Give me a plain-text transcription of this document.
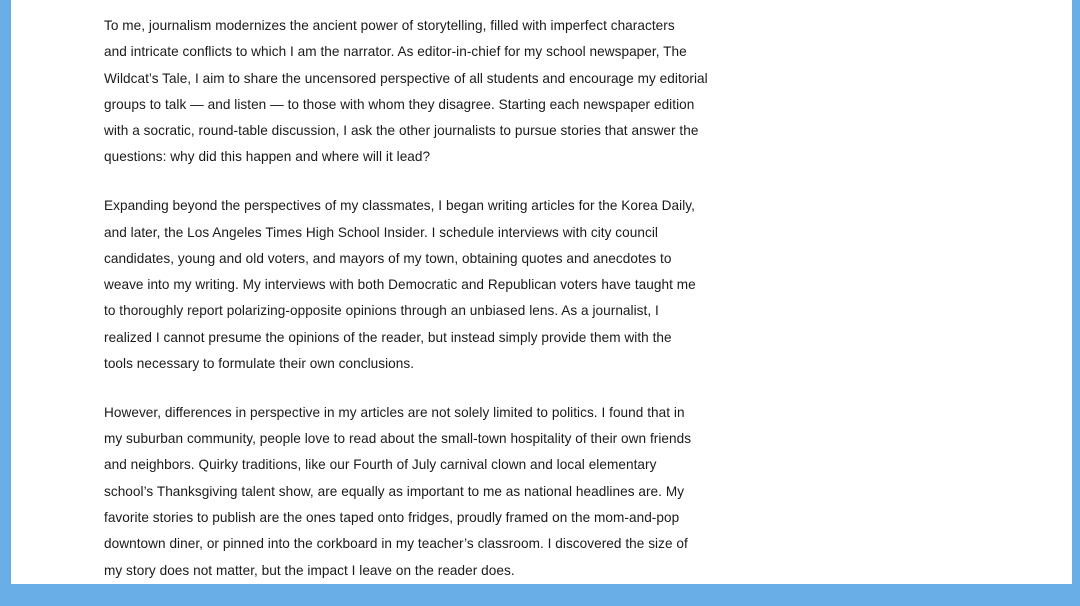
To me, journalism modernizes the ancient power of storytelling, filled with imperfect characters
and intricate conflicts to which I am the narrator. As editor-in-chief for my school newspaper, The
Wildcat’s Tale, I aim to share the uncensored perspective of all students and encourage my editorial
groups to talk — and listen — to those with whom they disagree. Starting each newspaper edition
with a socratic, round-table discussion, I ask the other journalists to pursue stories that answer the
questions: why did this happen and where will it lead?

Expanding beyond the perspectives of my classmates, I began writing articles for the Korea Daily,
and later, the Los Angeles Times High School Insider. I schedule interviews with city council
candidates, young and old voters, and mayors of my town, obtaining quotes and anecdotes to
weave into my writing. My interviews with both Democratic and Republican voters have taught me
to thoroughly report polarizing-opposite opinions through an unbiased lens. As a journalist, I
realized I cannot presume the opinions of the reader, but instead simply provide them with the
tools necessary to formulate their own conclusions.

However, differences in perspective in my articles are not solely limited to politics. I found that in
my suburban community, people love to read about the small-town hospitality of their own friends
and neighbors. Quirky traditions, like our Fourth of July carnival clown and local elementary
school’s Thanksgiving talent show, are equally as important to me as national headlines are. My
favorite stories to publish are the ones taped onto fridges, proudly framed on the mom-and-pop
downtown diner, or pinned into the corkboard in my teacher’s classroom. I discovered the size of
my story does not matter, but the impact I leave on the reader does.
